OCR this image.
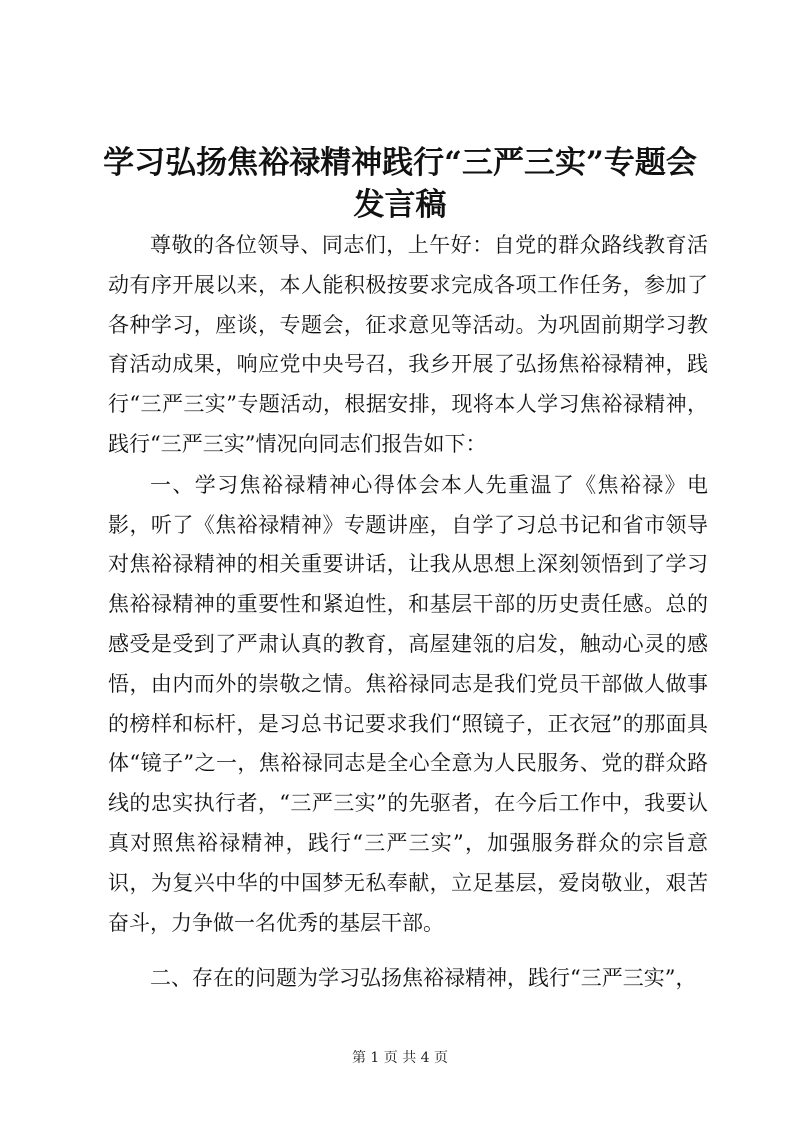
学习弘扬焦裕禄精神践行“三严三实”专题会
发言稿

尊敬的各位领导、同志们，上午好：自党的群众路线教育活动有序开展以来，本人能积极按要求完成各项工作任务，参加了各种学习，座谈，专题会，征求意见等活动。为巩固前期学习教育活动成果，响应党中央号召，我乡开展了弘扬焦裕禄精神，践行“三严三实”专题活动，根据安排，现将本人学习焦裕禄精神，践行“三严三实”情况向同志们报告如下：

一、学习焦裕禄精神心得体会本人先重温了《焦裕禄》电影，听了《焦裕禄精神》专题讲座，自学了习总书记和省市领导对焦裕禄精神的相关重要讲话，让我从思想上深刻领悟到了学习焦裕禄精神的重要性和紧迫性，和基层干部的历史责任感。总的感受是受到了严肃认真的教育，高屋建瓴的启发，触动心灵的感悟，由内而外的崇敬之情。焦裕禄同志是我们党员干部做人做事的榜样和标杆，是习总书记要求我们“照镜子，正衣冠”的那面具体“镜子”之一，焦裕禄同志是全心全意为人民服务、党的群众路线的忠实执行者，“三严三实”的先驱者，在今后工作中，我要认真对照焦裕禄精神，践行“三严三实”，加强服务群众的宗旨意识，为复兴中华的中国梦无私奉献，立足基层，爱岗敬业，艰苦奋斗，力争做一名优秀的基层干部。

二、存在的问题为学习弘扬焦裕禄精神，践行“三严三实”，

第 1 页 共 4 页
